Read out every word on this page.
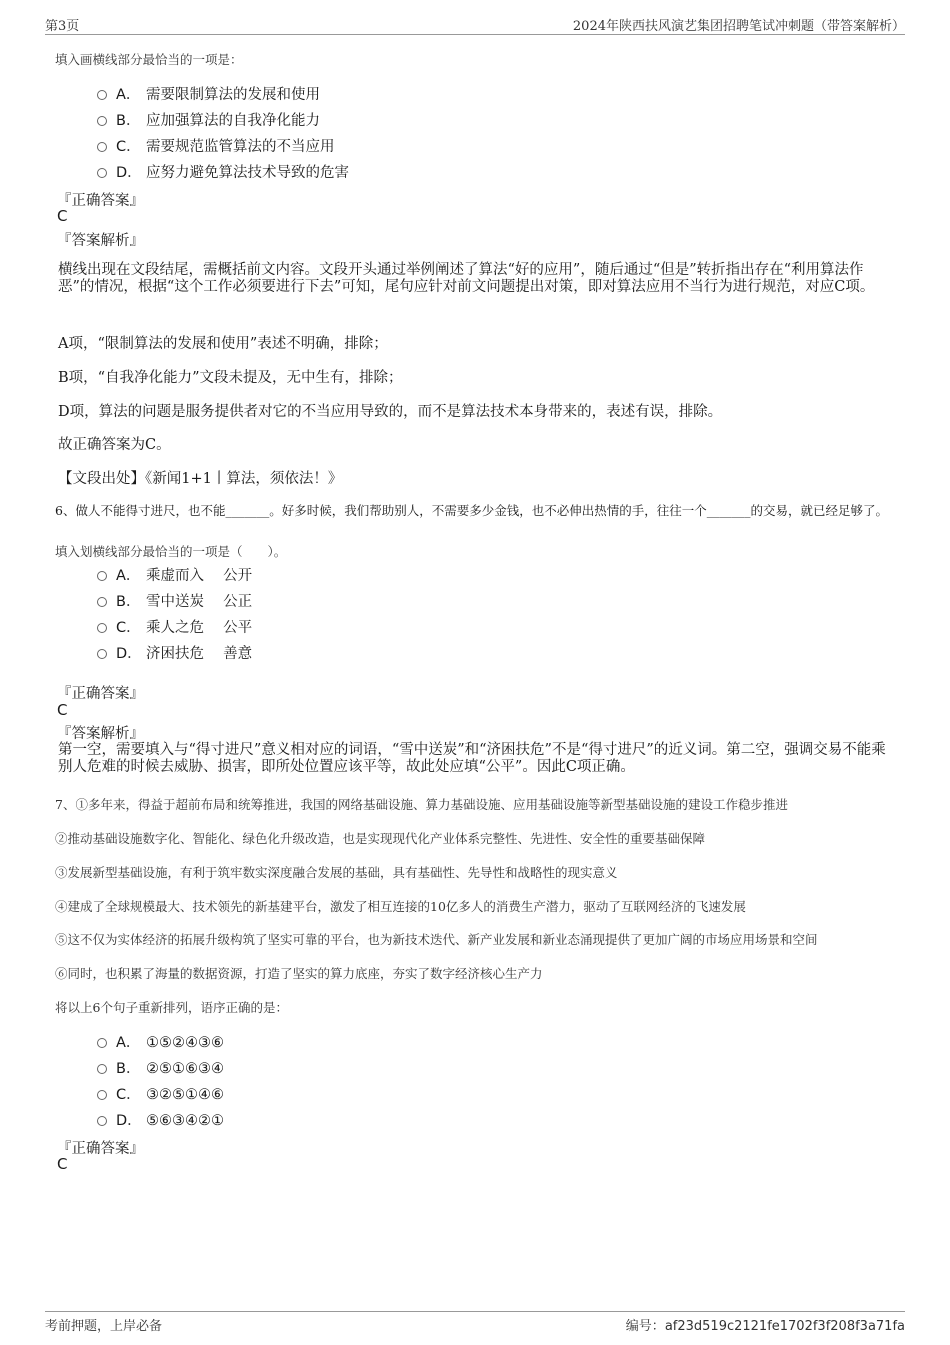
第3页	2024年陕西扶风演艺集团招聘笔试冲刺题（带答案解析）
填入画横线部分最恰当的一项是：
A． 需要限制算法的发展和使用
B． 应加强算法的自我净化能力
C． 需要规范监管算法的不当应用
D． 应努力避免算法技术导致的危害
『正确答案』
C
『答案解析』
横线出现在文段结尾，需概括前文内容。文段开头通过举例阐述了算法“好的应用”，随后通过“但是”转折指出存在“利用算法作恶”的情况，根据“这个工作必须要进行下去”可知，尾句应针对前文问题提出对策，即对算法应用不当行为进行规范，对应C项。
A项，“限制算法的发展和使用”表述不明确，排除；
B项，“自我净化能力”文段未提及，无中生有，排除；
D项，算法的问题是服务提供者对它的不当应用导致的，而不是算法技术本身带来的，表述有误，排除。
故正确答案为C。
【文段出处】《新闻1+1丨算法，须依法！》
6、做人不能得寸进尺，也不能_______。好多时候，我们帮助别人，不需要多少金钱，也不必伸出热情的手，往往一个_______的交易，就已经足够了。
填入划横线部分最恰当的一项是（　　）。
A． 乘虚而入　 公开
B． 雪中送炭　 公正
C． 乘人之危　 公平
D． 济困扶危　 善意
『正确答案』
C
『答案解析』
第一空，需要填入与“得寸进尺”意义相对应的词语，“雪中送炭”和“济困扶危”不是“得寸进尺”的近义词。第二空，强调交易不能乘别人危难的时候去威胁、损害，即所处位置应该平等，故此处应填“公平”。因此C项正确。
7、①多年来，得益于超前布局和统筹推进，我国的网络基础设施、算力基础设施、应用基础设施等新型基础设施的建设工作稳步推进
②推动基础设施数字化、智能化、绿色化升级改造，也是实现现代化产业体系完整性、先进性、安全性的重要基础保障
③发展新型基础设施，有利于筑牢数实深度融合发展的基础，具有基础性、先导性和战略性的现实意义
④建成了全球规模最大、技术领先的新基建平台，激发了相互连接的10亿多人的消费生产潜力，驱动了互联网经济的飞速发展
⑤这不仅为实体经济的拓展升级构筑了坚实可靠的平台，也为新技术迭代、新产业发展和新业态涌现提供了更加广阔的市场应用场景和空间
⑥同时，也积累了海量的数据资源，打造了坚实的算力底座，夯实了数字经济核心生产力
将以上6个句子重新排列，语序正确的是：
A． ①⑤②④③⑥
B． ②⑤①⑥③④
C． ③②⑤①④⑥
D． ⑤⑥③④②①
『正确答案』
C
考前押题，上岸必备	编号：af23d519c2121fe1702f3f208f3a71fa
